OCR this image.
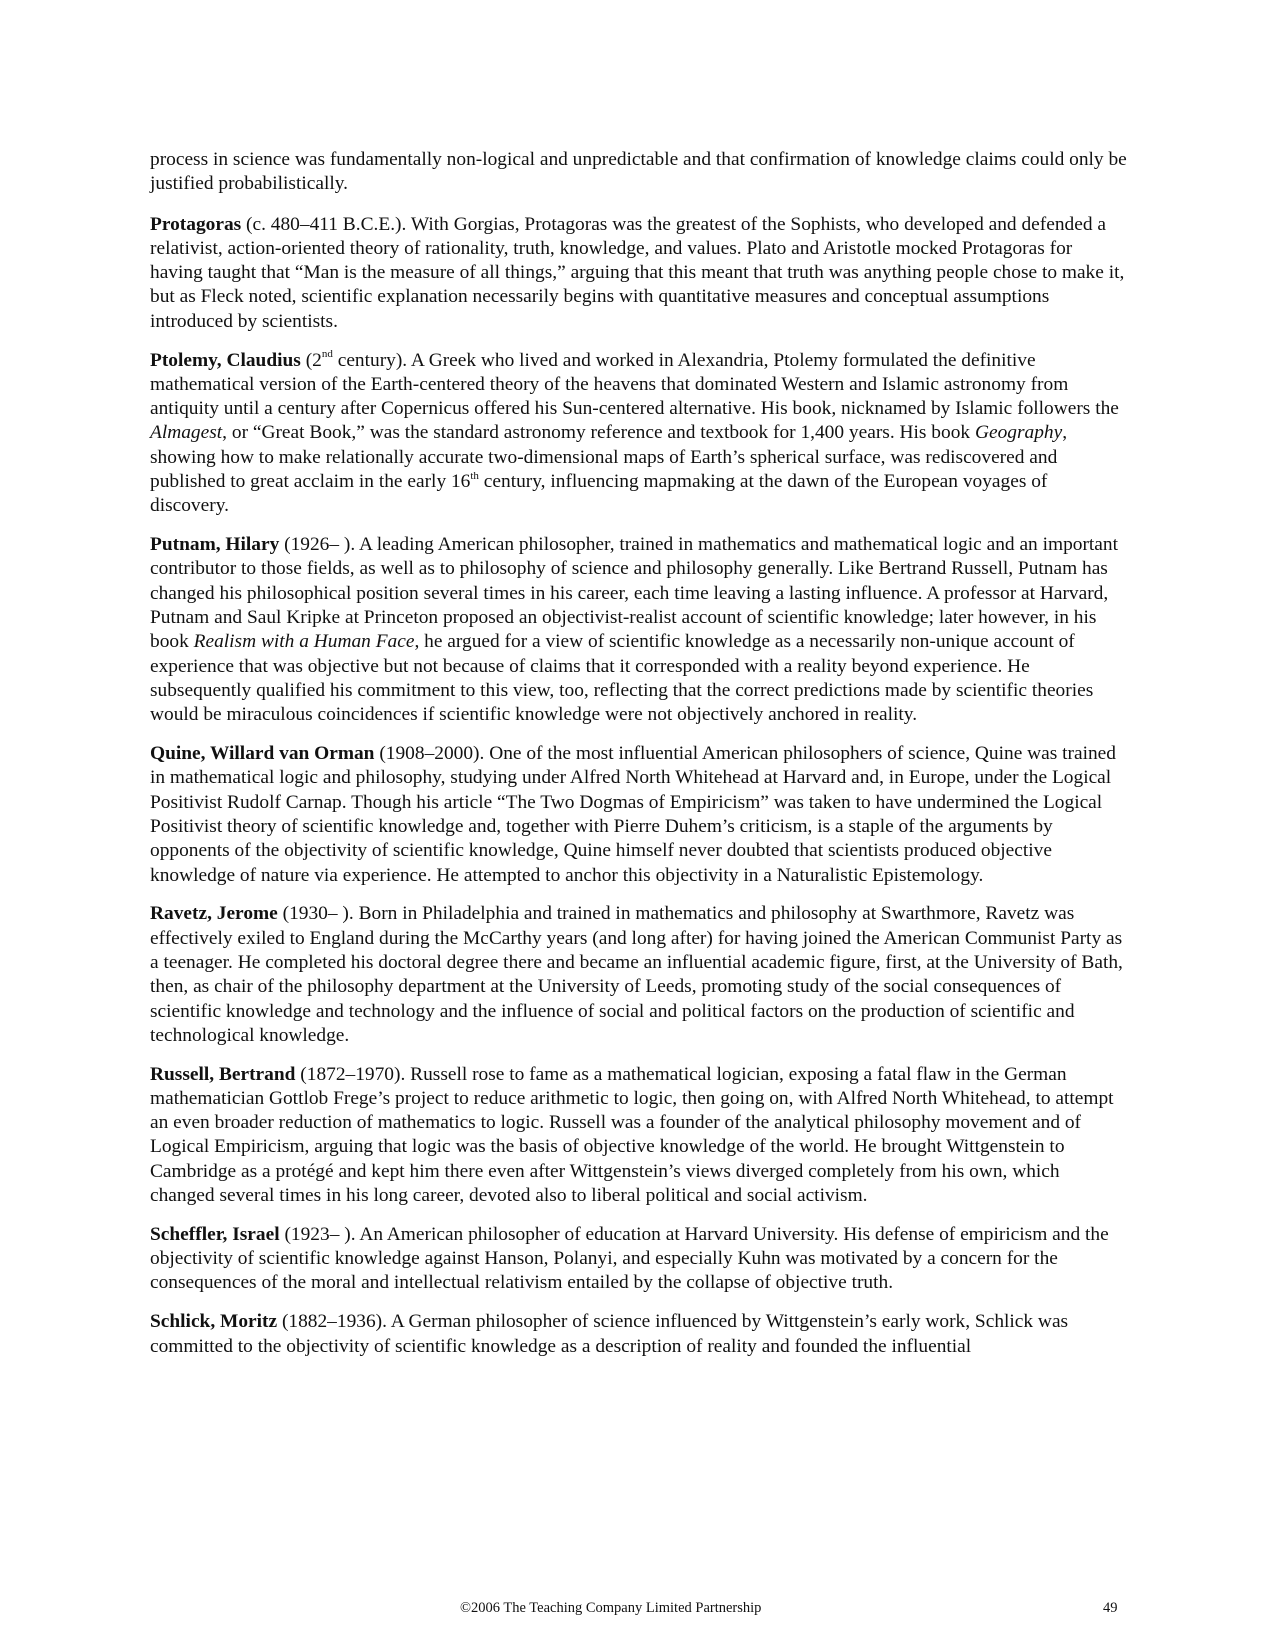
process in science was fundamentally non-logical and unpredictable and that confirmation of knowledge claims could only be justified probabilistically.

Protagoras (c. 480–411 B.C.E.). With Gorgias, Protagoras was the greatest of the Sophists, who developed and defended a relativist, action-oriented theory of rationality, truth, knowledge, and values. Plato and Aristotle mocked Protagoras for having taught that “Man is the measure of all things,” arguing that this meant that truth was anything people chose to make it, but as Fleck noted, scientific explanation necessarily begins with quantitative measures and conceptual assumptions introduced by scientists.

Ptolemy, Claudius (2nd century). A Greek who lived and worked in Alexandria, Ptolemy formulated the definitive mathematical version of the Earth-centered theory of the heavens that dominated Western and Islamic astronomy from antiquity until a century after Copernicus offered his Sun-centered alternative. His book, nicknamed by Islamic followers the Almagest, or “Great Book,” was the standard astronomy reference and textbook for 1,400 years. His book Geography, showing how to make relationally accurate two-dimensional maps of Earth’s spherical surface, was rediscovered and published to great acclaim in the early 16th century, influencing mapmaking at the dawn of the European voyages of discovery.

Putnam, Hilary (1926– ). A leading American philosopher, trained in mathematics and mathematical logic and an important contributor to those fields, as well as to philosophy of science and philosophy generally. Like Bertrand Russell, Putnam has changed his philosophical position several times in his career, each time leaving a lasting influence. A professor at Harvard, Putnam and Saul Kripke at Princeton proposed an objectivist-realist account of scientific knowledge; later however, in his book Realism with a Human Face, he argued for a view of scientific knowledge as a necessarily non-unique account of experience that was objective but not because of claims that it corresponded with a reality beyond experience. He subsequently qualified his commitment to this view, too, reflecting that the correct predictions made by scientific theories would be miraculous coincidences if scientific knowledge were not objectively anchored in reality.

Quine, Willard van Orman (1908–2000). One of the most influential American philosophers of science, Quine was trained in mathematical logic and philosophy, studying under Alfred North Whitehead at Harvard and, in Europe, under the Logical Positivist Rudolf Carnap. Though his article “The Two Dogmas of Empiricism” was taken to have undermined the Logical Positivist theory of scientific knowledge and, together with Pierre Duhem’s criticism, is a staple of the arguments by opponents of the objectivity of scientific knowledge, Quine himself never doubted that scientists produced objective knowledge of nature via experience. He attempted to anchor this objectivity in a Naturalistic Epistemology.

Ravetz, Jerome (1930– ). Born in Philadelphia and trained in mathematics and philosophy at Swarthmore, Ravetz was effectively exiled to England during the McCarthy years (and long after) for having joined the American Communist Party as a teenager. He completed his doctoral degree there and became an influential academic figure, first, at the University of Bath, then, as chair of the philosophy department at the University of Leeds, promoting study of the social consequences of scientific knowledge and technology and the influence of social and political factors on the production of scientific and technological knowledge.

Russell, Bertrand (1872–1970). Russell rose to fame as a mathematical logician, exposing a fatal flaw in the German mathematician Gottlob Frege’s project to reduce arithmetic to logic, then going on, with Alfred North Whitehead, to attempt an even broader reduction of mathematics to logic. Russell was a founder of the analytical philosophy movement and of Logical Empiricism, arguing that logic was the basis of objective knowledge of the world. He brought Wittgenstein to Cambridge as a protégé and kept him there even after Wittgenstein’s views diverged completely from his own, which changed several times in his long career, devoted also to liberal political and social activism.

Scheffler, Israel (1923– ). An American philosopher of education at Harvard University. His defense of empiricism and the objectivity of scientific knowledge against Hanson, Polanyi, and especially Kuhn was motivated by a concern for the consequences of the moral and intellectual relativism entailed by the collapse of objective truth.

Schlick, Moritz (1882–1936). A German philosopher of science influenced by Wittgenstein’s early work, Schlick was committed to the objectivity of scientific knowledge as a description of reality and founded the influential

©2006 The Teaching Company Limited Partnership	49
